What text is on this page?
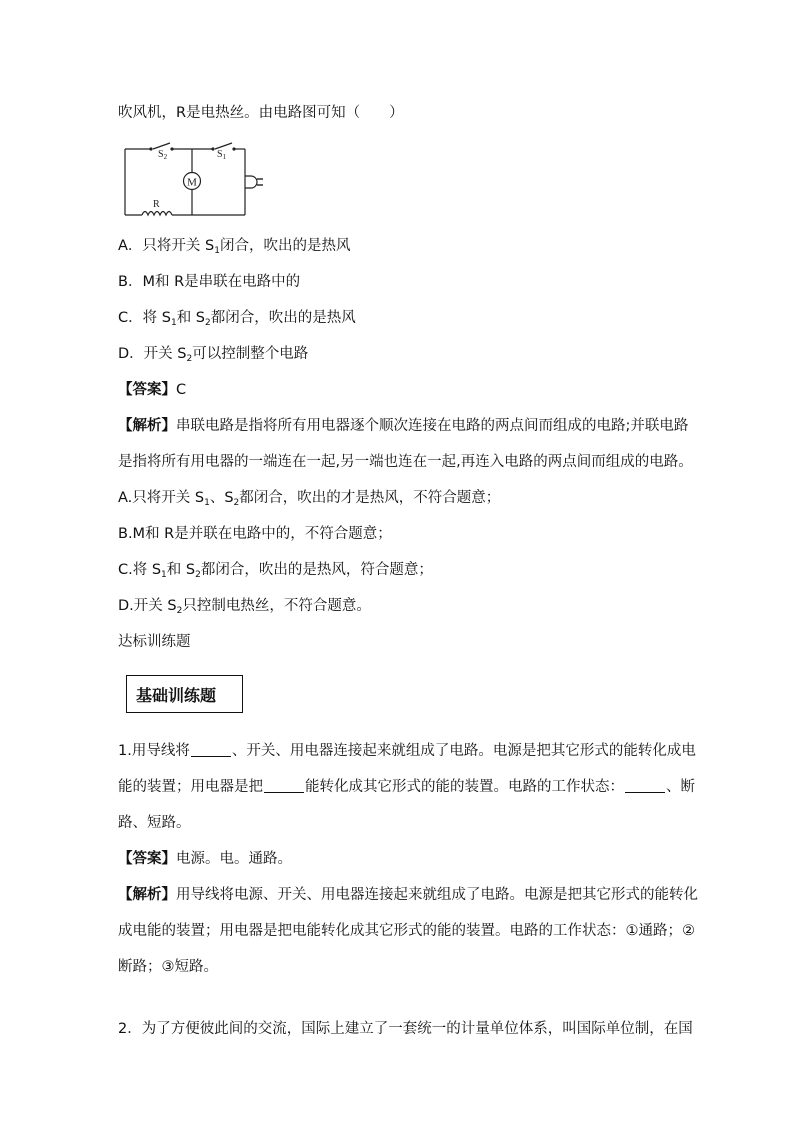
吹风机，R是电热丝。由电路图可知（　　）
M
$S_2$	$S_1$
R
A．只将开关 $S_1$闭合，吹出的是热风
B．M和 R是串联在电路中的
C．将 $S_1$和 $S_2$都闭合，吹出的是热风
D．开关 $S_2$可以控制整个电路
【答案】C
【解析】串联电路是指将所有用电器逐个顺次连接在电路的两点间而组成的电路;并联电路
是指将所有用电器的一端连在一起,另一端也连在一起,再连入电路的两点间而组成的电路。
A.只将开关 $S_1$、$S_2$都闭合，吹出的才是热风，不符合题意；
B.M和 R是并联在电路中的，不符合题意；
C.将 $S_1$和 $S_2$都闭合，吹出的是热风，符合题意；
D.开关 $S_2$只控制电热丝，不符合题意。
达标训练题
基础训练题
1.用导线将	、开关、用电器连接起来就组成了电路。电源是把其它形式的能转化成电
能的装置；用电器是把	能转化成其它形式的能的装置。电路的工作状态：	、断
路、短路。
【答案】电源。电。通路。
【解析】用导线将电源、开关、用电器连接起来就组成了电路。电源是把其它形式的能转化
成电能的装置；用电器是把电能转化成其它形式的能的装置。电路的工作状态：①通路；②
断路；③短路。
2．为了方便彼此间的交流，国际上建立了一套统一的计量单位体系，叫国际单位制，在国
